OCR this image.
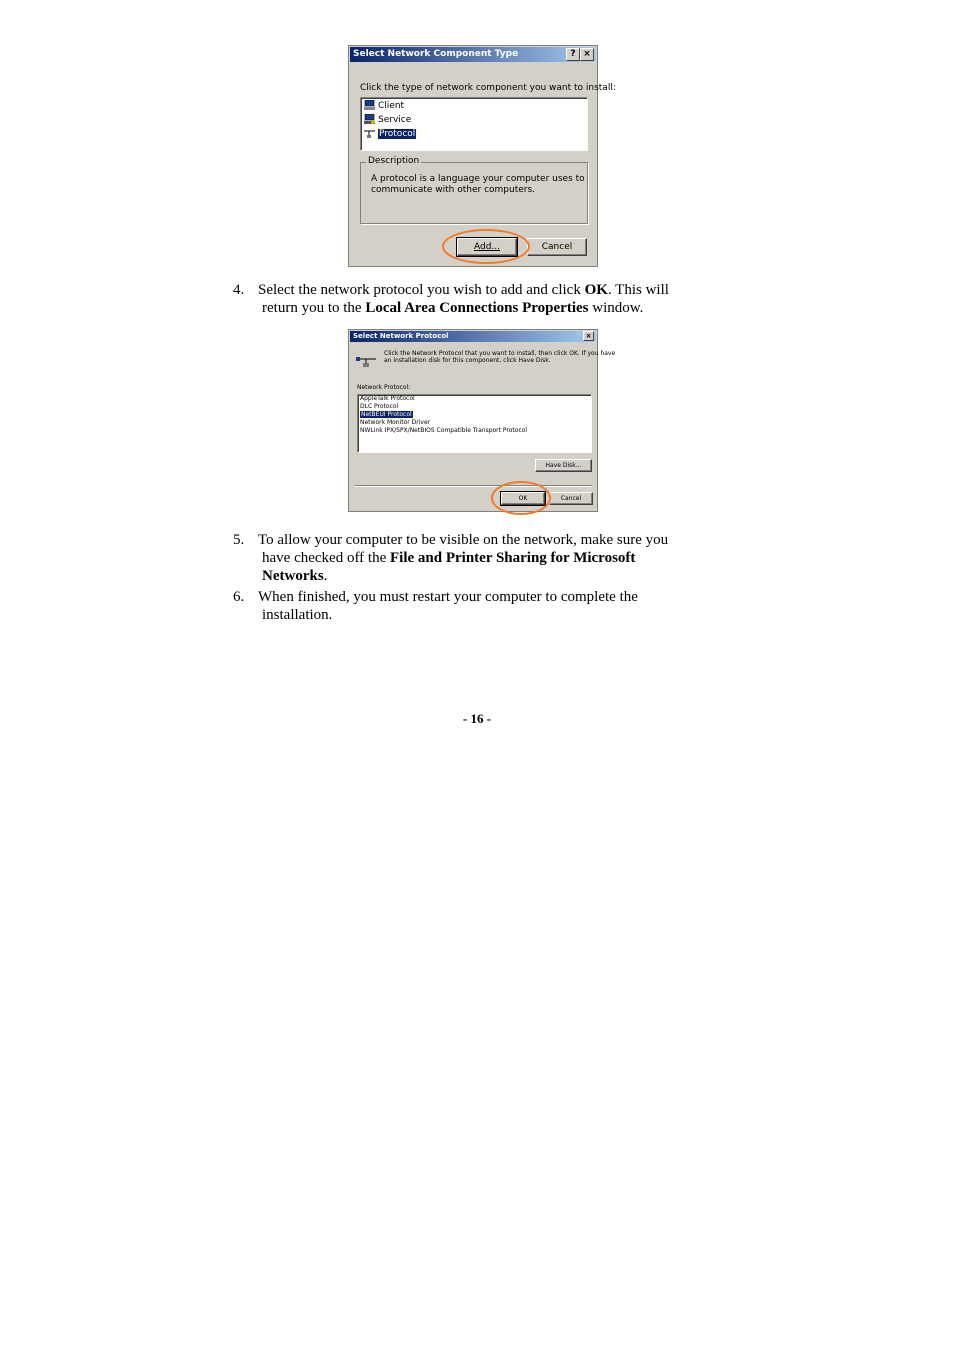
Select Network Component Type	? ×
Click the type of network component you want to install:
Client
Service
Protocol
Description
A protocol is a language your computer uses to
communicate with other computers.
Add...	Cancel
4. Select the network protocol you wish to add and click OK. This will
return you to the Local Area Connections Properties window.
Select Network Protocol	×
Click the Network Protocol that you want to install, then click OK. If you have
an installation disk for this component, click Have Disk.
Network Protocol:
AppleTalk Protocol
DLC Protocol
NetBEUI Protocol
Network Monitor Driver
NWLink IPX/SPX/NetBIOS Compatible Transport Protocol
Have Disk...
OK	Cancel
5. To allow your computer to be visible on the network, make sure you
have checked off the File and Printer Sharing for Microsoft
Networks.
6. When finished, you must restart your computer to complete the
installation.
- 16 -
